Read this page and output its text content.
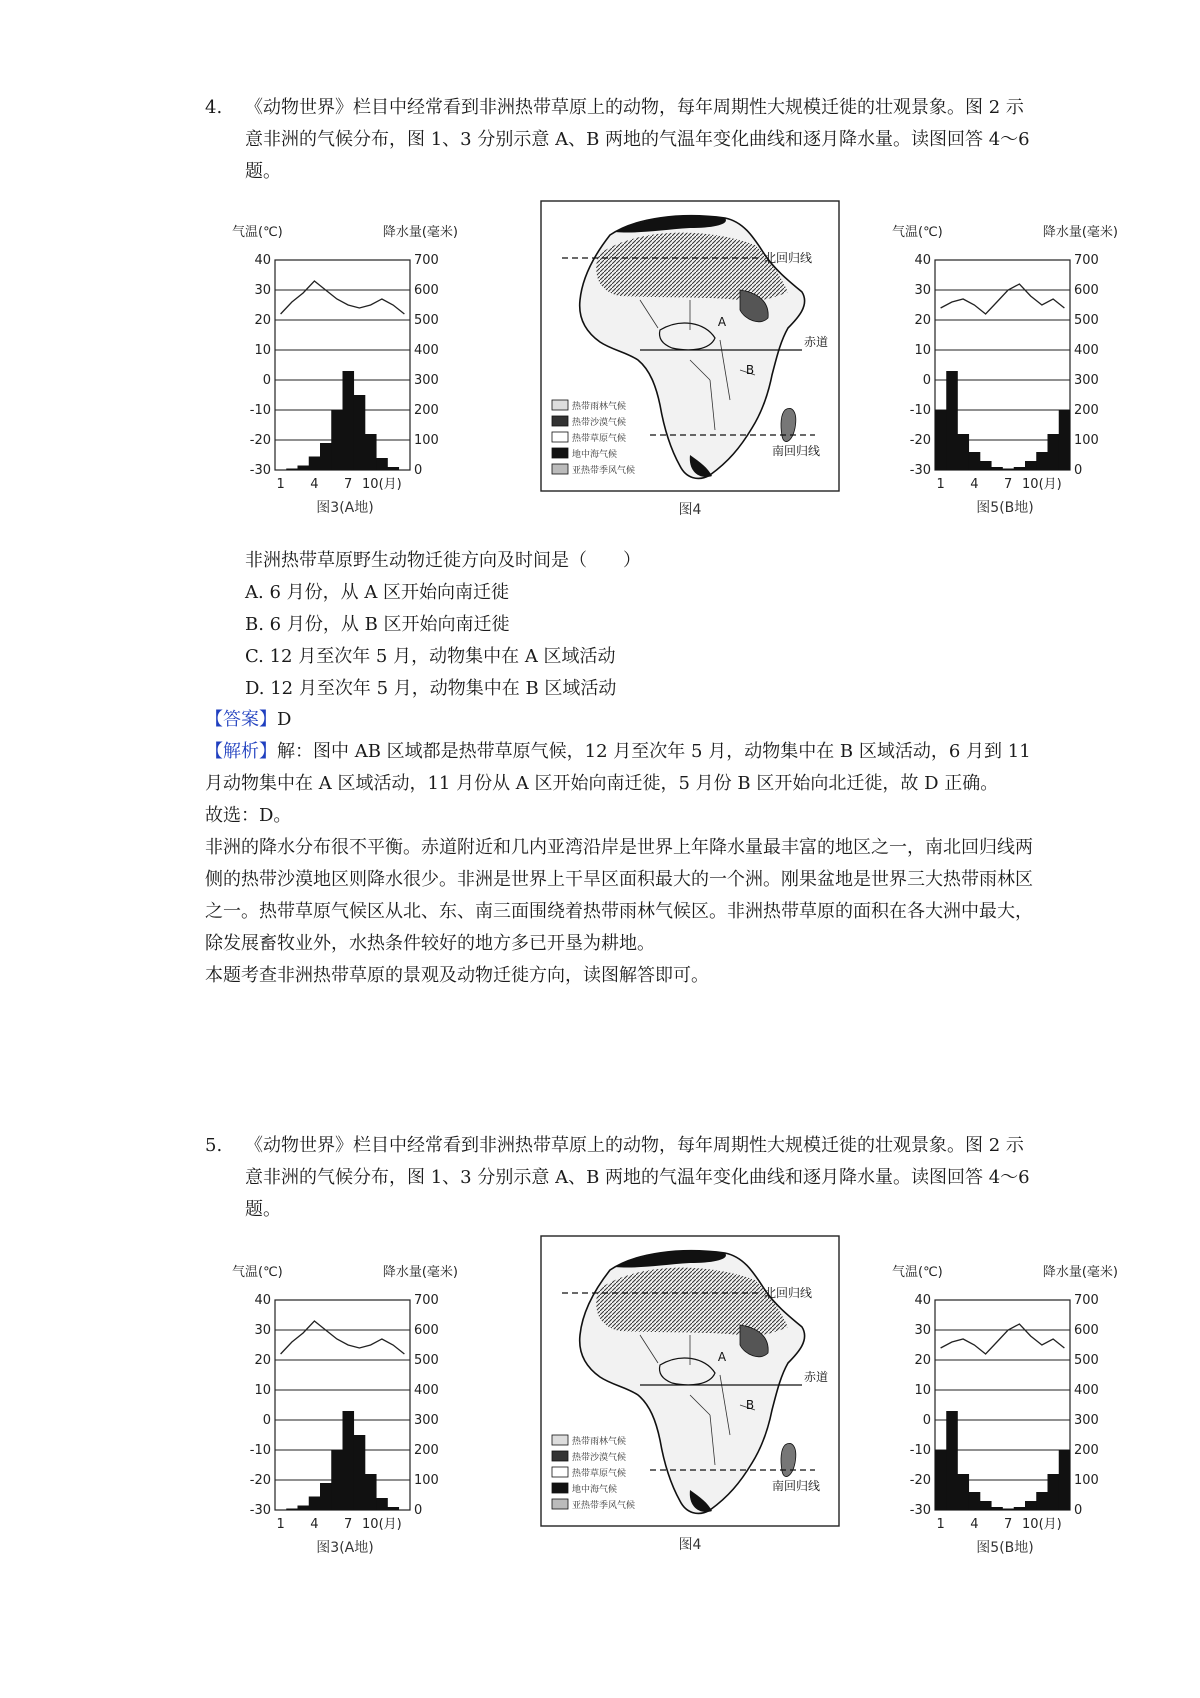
4. 《动物世界》栏目中经常看到非洲热带草原上的动物，每年周期性大规模迁徙的壮观景象。图 2 示意非洲的气候分布，图 1、3 分别示意 A、B 两地的气温年变化曲线和逐月降水量。读图回答 4～6 题。

气温(℃)	降水量(毫米)
40
30
20
10
0
-10
-20
-30
700
600
500
400
300
200
100
0
1 4 7 10(月)
图3(A地)
北回归线
赤道
南回归线
A
B
热带雨林气候
热带沙漠气候
热带草原气候
地中海气候
亚热带季风气候
图4
气温(℃)	降水量(毫米)
40
30
20
10
0
-10
-20
-30
700
600
500
400
300
200
100
0
1 4 7 10(月)
图5(B地)

非洲热带草原野生动物迁徙方向及时间是（　　）

A. 6 月份，从 A 区开始向南迁徙

B. 6 月份，从 B 区开始向南迁徙

C. 12 月至次年 5 月，动物集中在 A 区域活动

D. 12 月至次年 5 月，动物集中在 B 区域活动

【答案】D

【解析】解：图中 AB 区域都是热带草原气候，12 月至次年 5 月，动物集中在 B 区域活动，6 月到 11 月动物集中在 A 区域活动，11 月份从 A 区开始向南迁徙，5 月份 B 区开始向北迁徙，故 D 正确。

故选：D。

非洲的降水分布很不平衡。赤道附近和几内亚湾沿岸是世界上年降水量最丰富的地区之一，南北回归线两侧的热带沙漠地区则降水很少。非洲是世界上干旱区面积最大的一个洲。刚果盆地是世界三大热带雨林区之一。热带草原气候区从北、东、南三面围绕着热带雨林气候区。非洲热带草原的面积在各大洲中最大，除发展畜牧业外，水热条件较好的地方多已开垦为耕地。

本题考查非洲热带草原的景观及动物迁徙方向，读图解答即可。

5. 《动物世界》栏目中经常看到非洲热带草原上的动物，每年周期性大规模迁徙的壮观景象。图 2 示意非洲的气候分布，图 1、3 分别示意 A、B 两地的气温年变化曲线和逐月降水量。读图回答 4～6 题。

气温(℃)	降水量(毫米)
40
30
20
10
0
-10
-20
-30
700
600
500
400
300
200
100
0
1 4 7 10(月)
图3(A地)
北回归线
赤道
南回归线
A
B
热带雨林气候
热带沙漠气候
热带草原气候
地中海气候
亚热带季风气候
图4
气温(℃)	降水量(毫米)
40
30
20
10
0
-10
-20
-30
700
600
500
400
300
200
100
0
1 4 7 10(月)
图5(B地)
